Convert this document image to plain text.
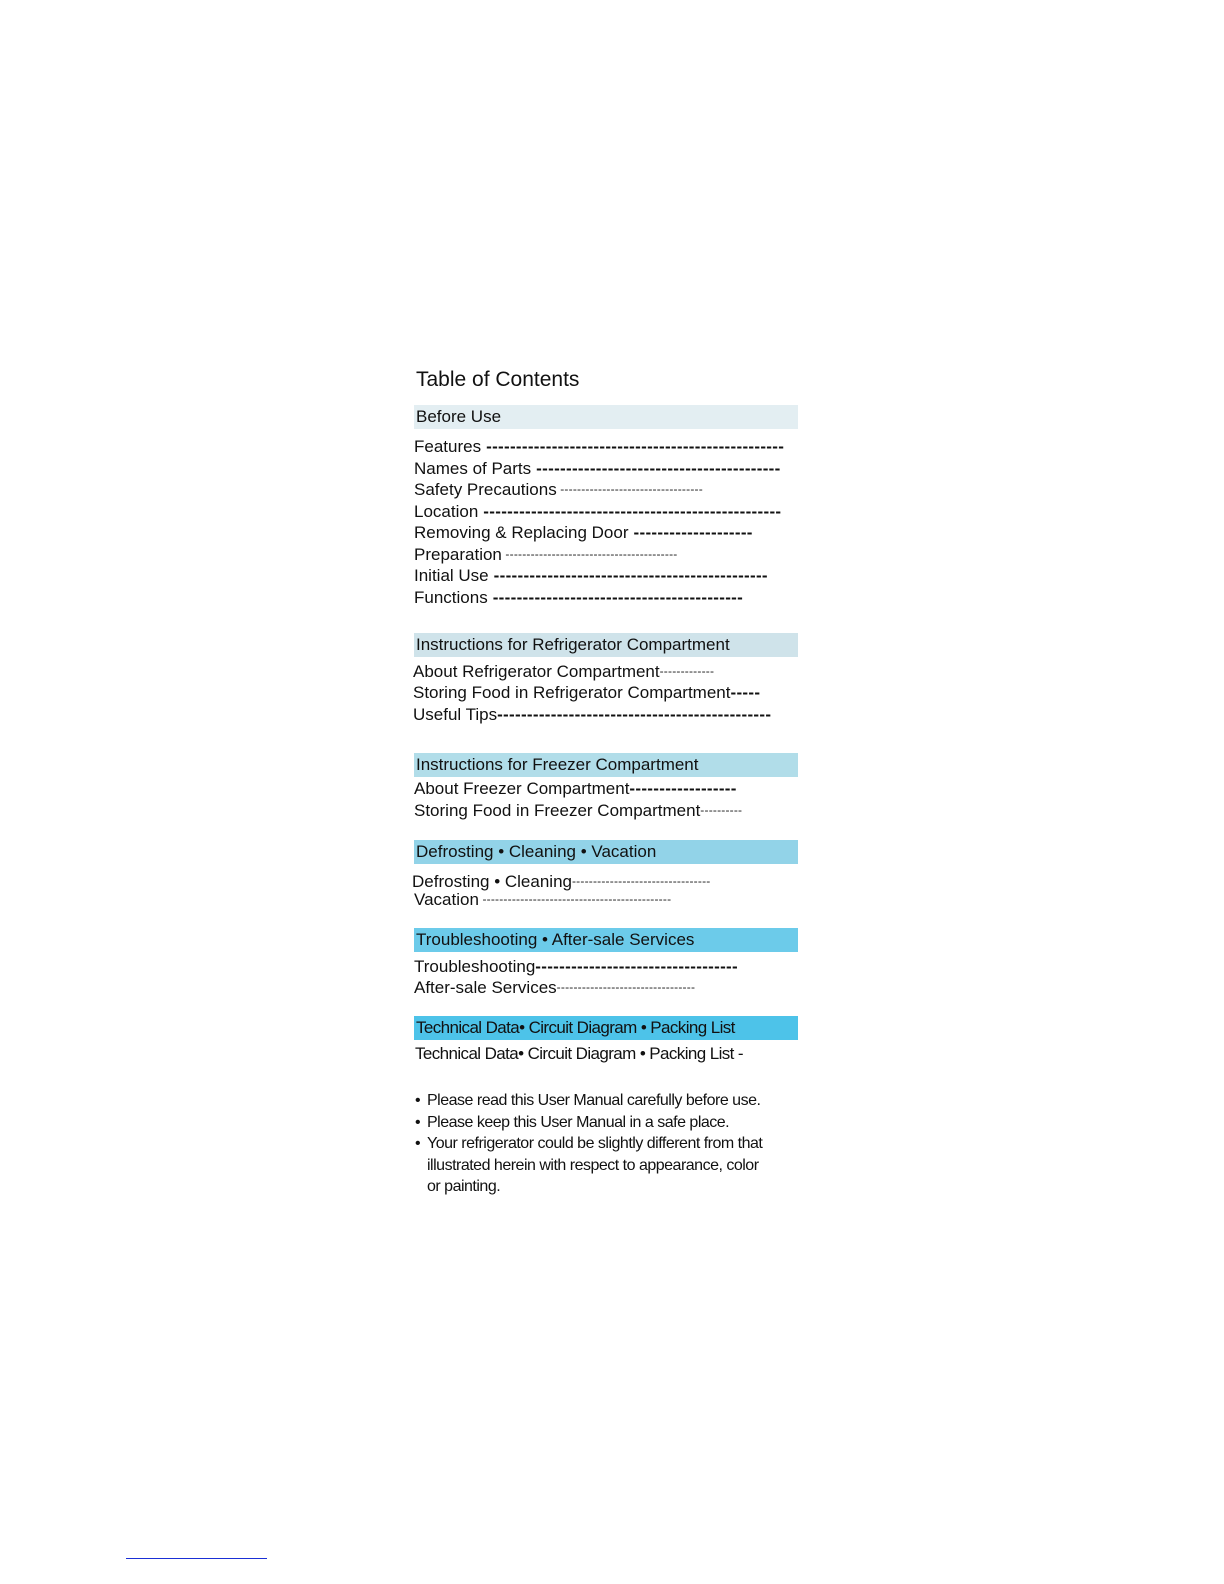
Table of Contents
Before Use
Features --------------------------------------------------
Names of Parts -----------------------------------------
Safety Precautions ----------------------------------
Location --------------------------------------------------
Removing & Replacing Door --------------------
Preparation -----------------------------------------
Initial Use ----------------------------------------------
Functions ------------------------------------------
Instructions for Refrigerator Compartment
About Refrigerator Compartment-------------
Storing Food in Refrigerator Compartment-----
Useful Tips----------------------------------------------
Instructions for Freezer Compartment
About Freezer Compartment------------------
Storing Food in Freezer Compartment----------
Defrosting • Cleaning • Vacation
Defrosting • Cleaning---------------------------------
Vacation ---------------------------------------------
Troubleshooting • After-sale Services
Troubleshooting----------------------------------
After-sale Services---------------------------------
Technical Data• Circuit Diagram • Packing List
Technical Data• Circuit Diagram • Packing List -
• Please read this User Manual carefully before use.
• Please keep this User Manual in a safe place.
• Your refrigerator could be slightly different from that
illustrated herein with respect to appearance, color
or painting.
